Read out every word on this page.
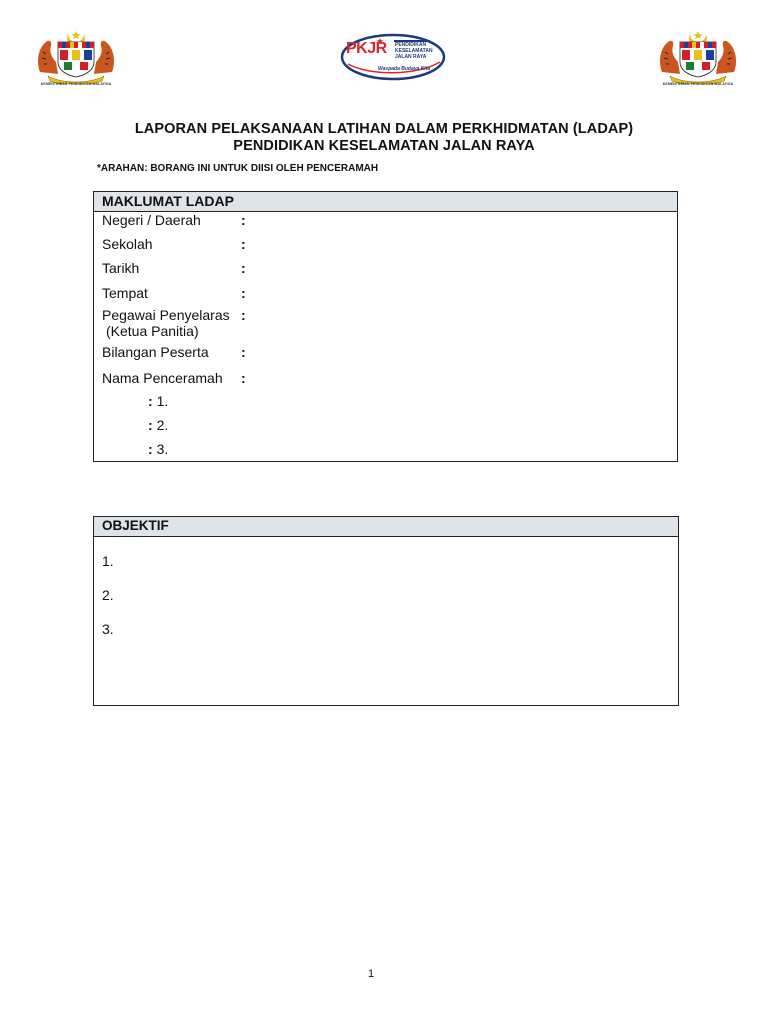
KEMENTERIAN PENDIDIKAN MALAYSIA
PKJR PENDIDIKAN
KESELAMATAN
JALAN RAYA
Waspada Budaya Kita
KEMENTERIAN PENDIDIKAN MALAYSIA
LAPORAN PELAKSANAAN LATIHAN DALAM PERKHIDMATAN (LADAP)
PENDIDIKAN KESELAMATAN JALAN RAYA
*ARAHAN: BORANG INI UNTUK DIISI OLEH PENCERAMAH
MAKLUMAT LADAP
Negeri / Daerah	:
Sekolah	:
Tarikh	:
Tempat	:
Pegawai Penyelaras :
(Ketua Panitia)
Bilangan Peserta :
Nama Penceramah :
: 1.
: 2.
: 3.
OBJEKTIF
1.
2.
3.
1
